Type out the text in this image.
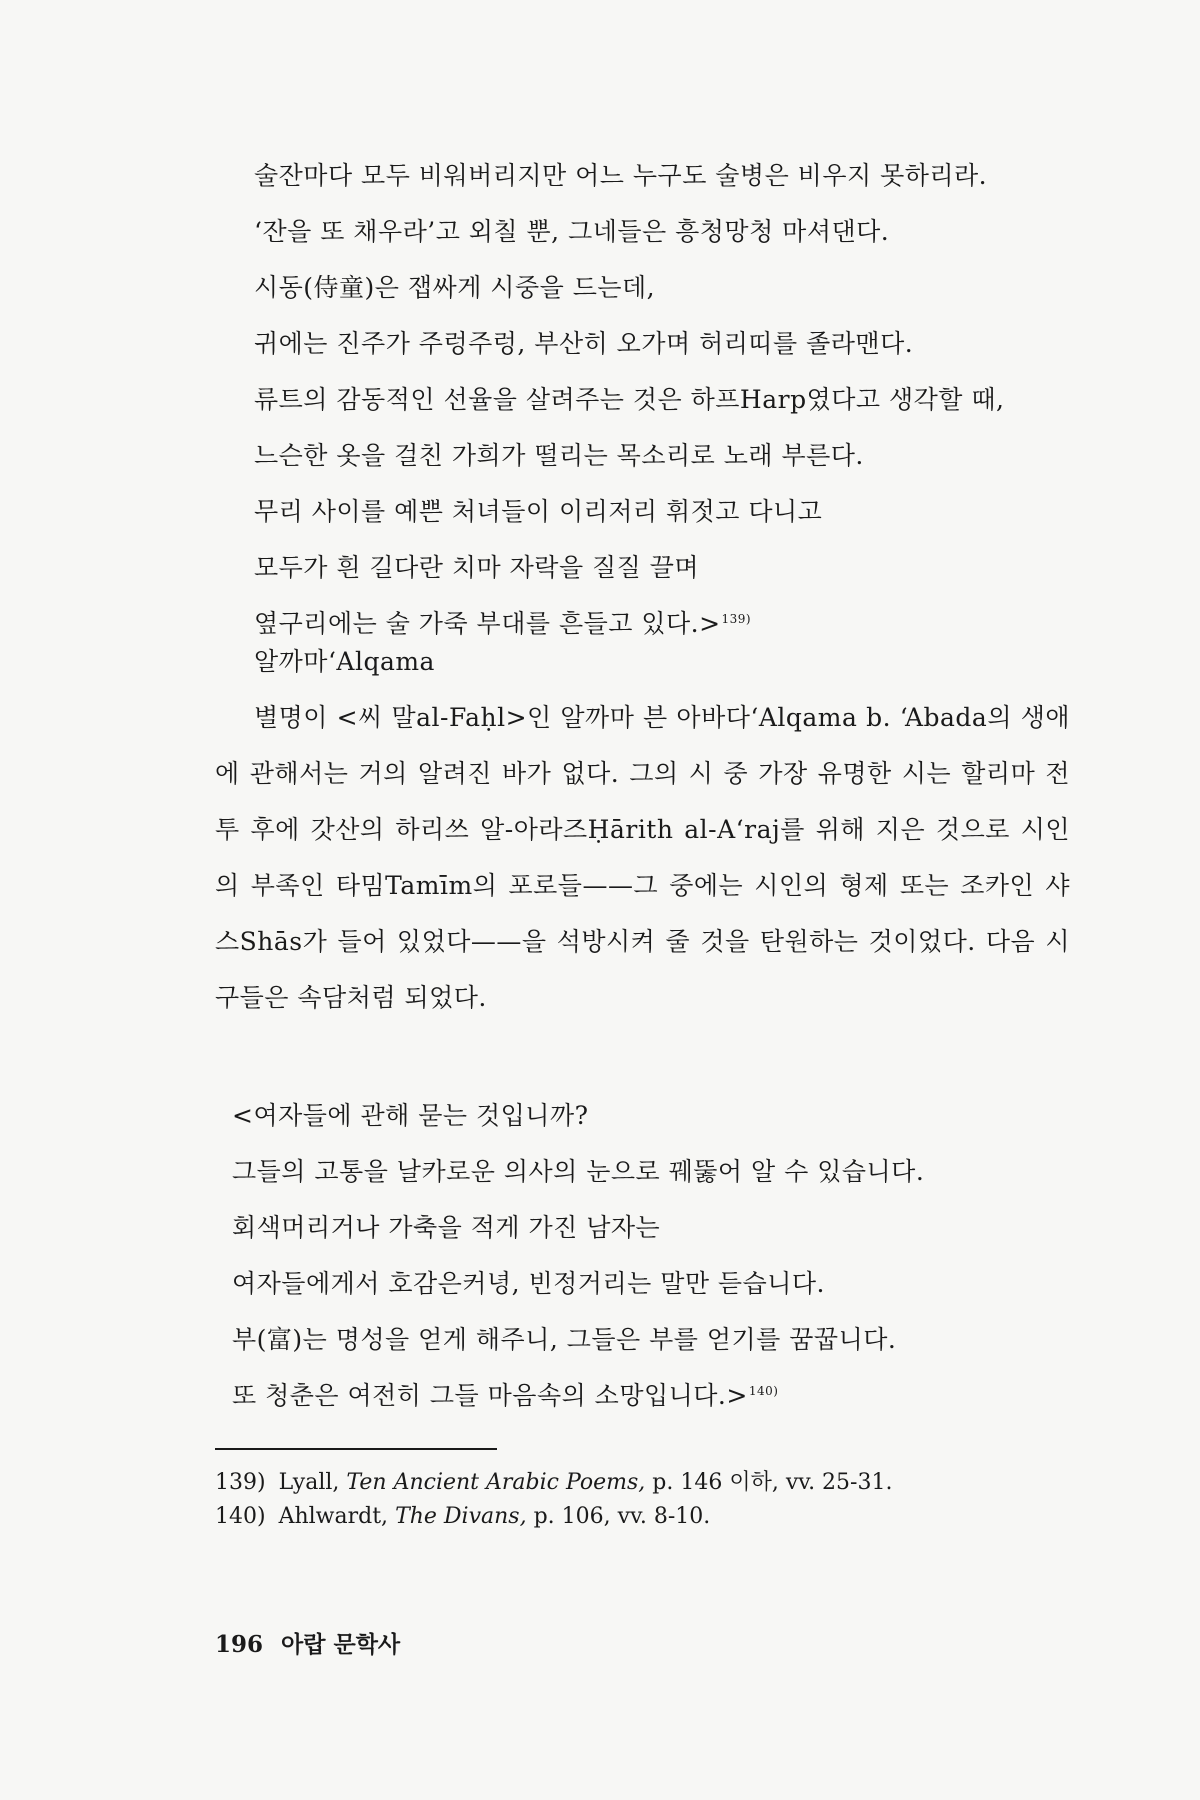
술잔마다 모두 비워버리지만 어느 누구도 술병은 비우지 못하리라.
‘잔을 또 채우라’고 외칠 뿐, 그네들은 흥청망청 마셔댄다.
시동(侍童)은 잽싸게 시중을 드는데,
귀에는 진주가 주렁주렁, 부산히 오가며 허리띠를 졸라맨다.
류트의 감동적인 선율을 살려주는 것은 하프Harp였다고 생각할 때,
느슨한 옷을 걸친 가희가 떨리는 목소리로 노래 부른다.
무리 사이를 예쁜 처녀들이 이리저리 휘젓고 다니고
모두가 흰 길다란 치마 자락을 질질 끌며
옆구리에는 술 가죽 부대를 흔들고 있다.>$^{139)}$
알까마‘Alqama

별명이 <씨 말al-Faḥl>인 알까마 븐 아바다‘Alqama b. ‘Abada의 생애에 관해서는 거의 알려진 바가 없다. 그의 시 중 가장 유명한 시는 할리마 전투 후에 갓산의 하리쓰 알-아라즈Ḥārith al-A‘raj를 위해 지은 것으로 시인의 부족인 타밈Tamīm의 포로들——그 중에는 시인의 형제 또는 조카인 샤스Shās가 들어 있었다——을 석방시켜 줄 것을 탄원하는 것이었다. 다음 시구들은 속담처럼 되었다.

<여자들에 관해 묻는 것입니까?
그들의 고통을 날카로운 의사의 눈으로 꿰뚫어 알 수 있습니다.
회색머리거나 가축을 적게 가진 남자는
여자들에게서 호감은커녕, 빈정거리는 말만 듣습니다.
부(富)는 명성을 얻게 해주니, 그들은 부를 얻기를 꿈꿉니다.
또 청춘은 여전히 그들 마음속의 소망입니다.>$^{140)}$
139) Lyall, Ten Ancient Arabic Poems, p. 146 이하, vv. 25-31.
140) Ahlwardt, The Divans, p. 106, vv. 8-10.
196 아랍 문학사
